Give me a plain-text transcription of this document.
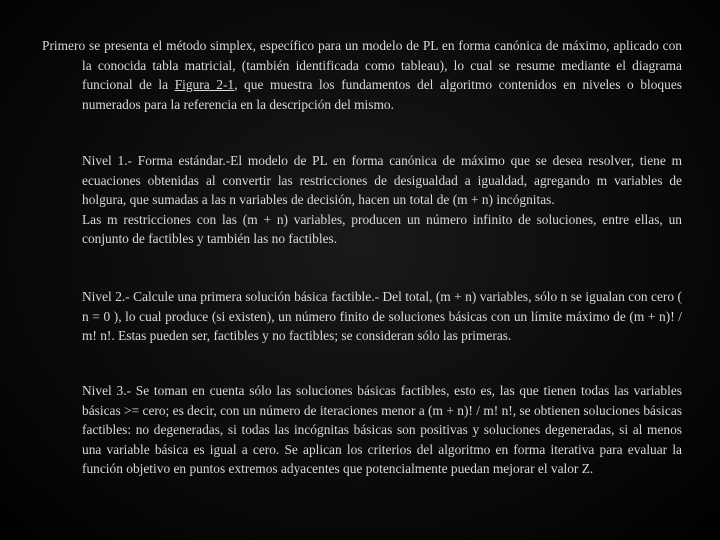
Primero se presenta el método simplex, específico para un modelo de PL en forma canónica de máximo, aplicado con la conocida tabla matricial, (también identificada como tableau), lo cual se resume mediante el diagrama funcional de la Figura 2-1, que muestra los fundamentos del algoritmo contenidos en niveles o bloques numerados para la referencia en la descripción del mismo.

Nivel 1.- Forma estándar.-El modelo de PL en forma canónica de máximo que se desea resolver, tiene m ecuaciones obtenidas al convertir las restricciones de desigualdad a igualdad, agregando m variables de holgura, que sumadas a las n variables de decisión, hacen un total de (m + n) incógnitas.

Las m restricciones con las (m + n) variables, producen un número infinito de soluciones, entre ellas, un conjunto de factibles y también las no factibles.

Nivel 2.- Calcule una primera solución básica factible.- Del total, (m + n) variables, sólo n se igualan con cero ( n = 0 ), lo cual produce (si existen), un número finito de soluciones básicas con un límite máximo de (m + n)! / m! n!. Estas pueden ser, factibles y no factibles; se consideran sólo las primeras.

Nivel 3.- Se toman en cuenta sólo las soluciones básicas factibles, esto es, las que tienen todas las variables básicas >= cero; es decir, con un número de iteraciones menor a (m + n)! / m! n!, se obtienen soluciones básicas factibles: no degeneradas, si todas las incógnitas básicas son positivas y soluciones degeneradas, si al menos una variable básica es igual a cero. Se aplican los criterios del algoritmo en forma iterativa para evaluar la función objetivo en puntos extremos adyacentes que potencialmente puedan mejorar el valor Z.
